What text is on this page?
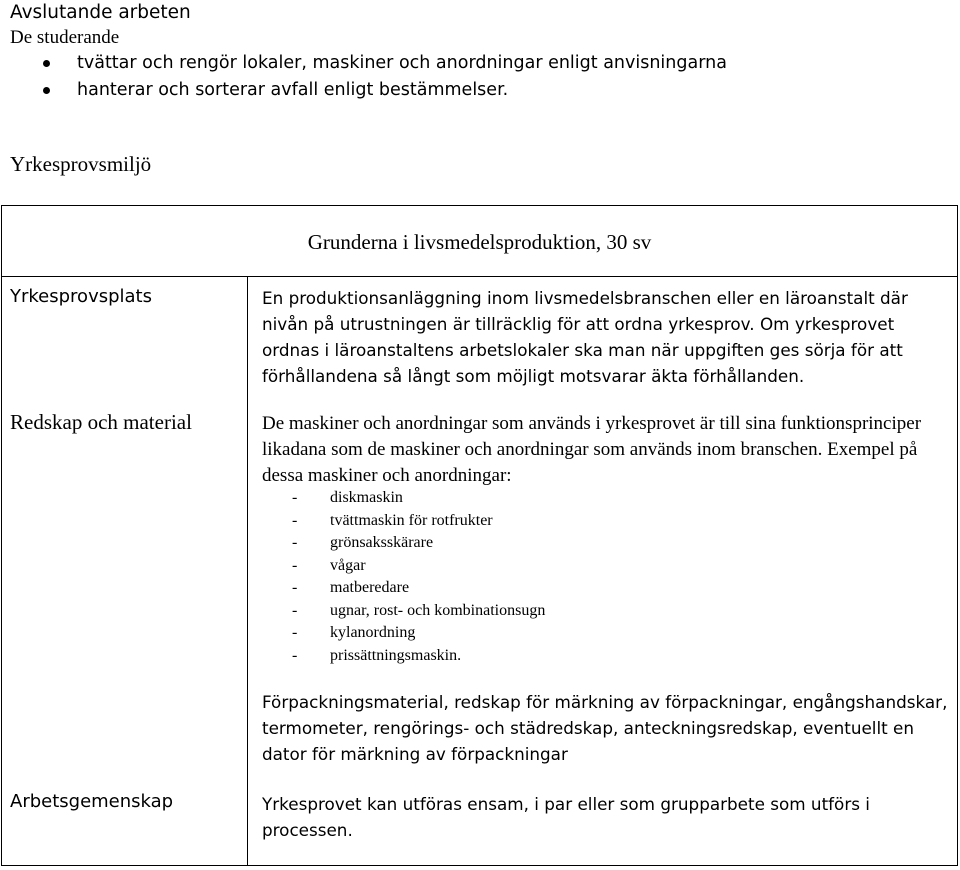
Avslutande arbeten
De studerande
tvättar och rengör lokaler, maskiner och anordningar enligt anvisningarna
hanterar och sorterar avfall enligt bestämmelser.
Yrkesprovsmiljö
Grunderna i livsmedelsproduktion, 30 sv
Yrkesprovsplats	En produktionsanläggning inom livsmedelsbranschen eller en läroanstalt där nivån på utrustningen är tillräcklig för att ordna yrkesprov. Om yrkesprovet ordnas i läroanstaltens arbetslokaler ska man när uppgiften ges sörja för att förhållandena så långt som möjligt motsvarar äkta förhållanden.
Redskap och material	De maskiner och anordningar som används i yrkesprovet är till sina funktionsprinciper likadana som de maskiner och anordningar som används inom branschen. Exempel på dessa maskiner och anordningar:
- diskmaskin
- tvättmaskin för rotfrukter
- grönsaksskärare
- vågar
- matberedare
- ugnar, rost- och kombinationsugn
- kylanordning
- prissättningsmaskin.
Förpackningsmaterial, redskap för märkning av förpackningar, engångshandskar, termometer, rengörings- och städredskap, anteckningsredskap, eventuellt en dator för märkning av förpackningar
Arbetsgemenskap	Yrkesprovet kan utföras ensam, i par eller som grupparbete som utförs i processen.
